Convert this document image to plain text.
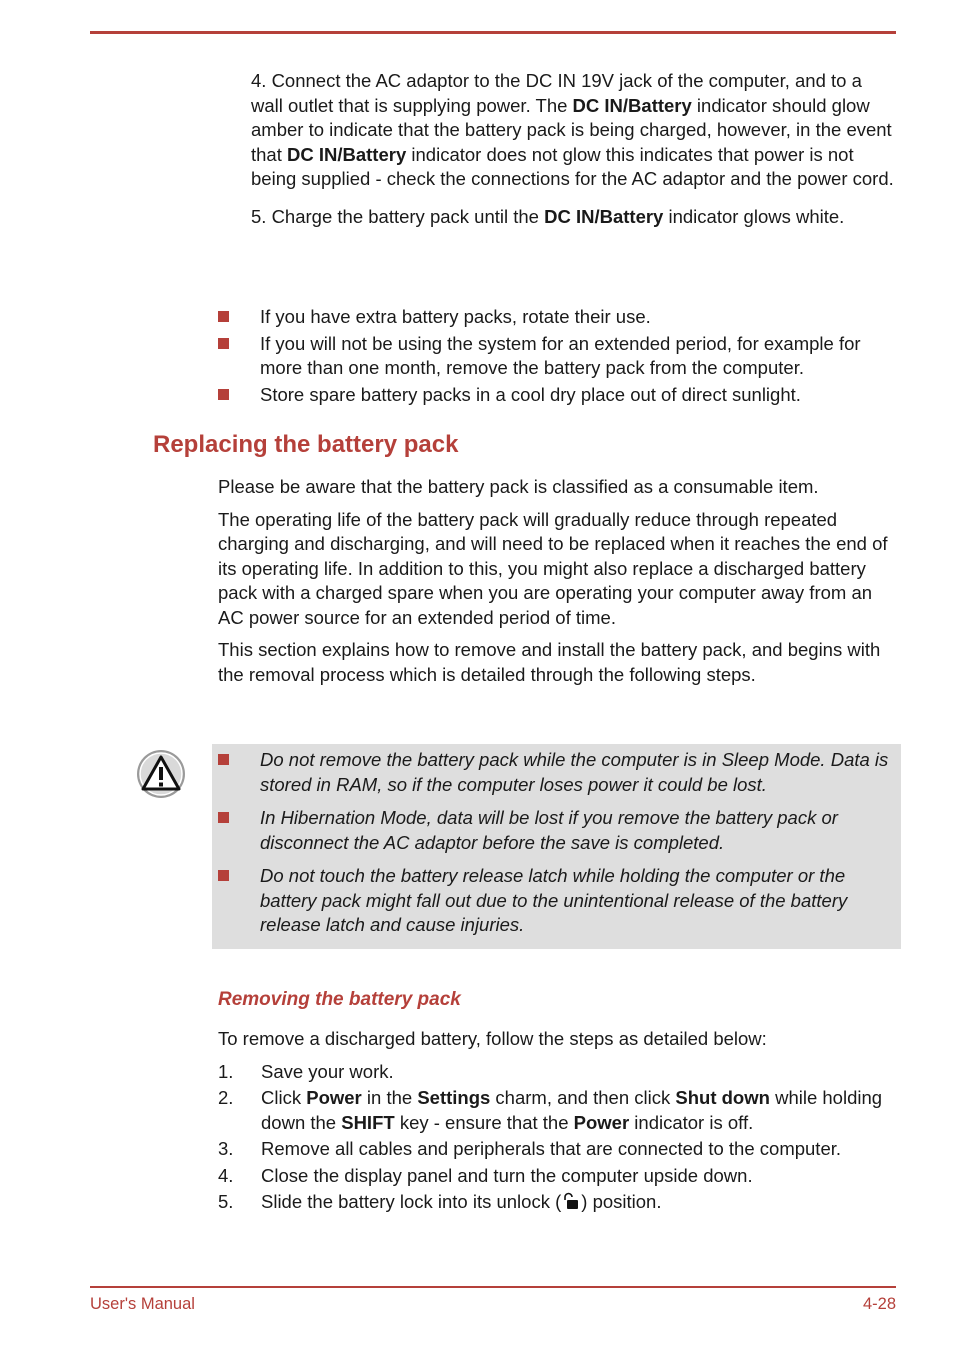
4. Connect the AC adaptor to the DC IN 19V jack of the computer, and to a wall outlet that is supplying power. The DC IN/Battery indicator should glow amber to indicate that the battery pack is being charged, however, in the event that DC IN/Battery indicator does not glow this indicates that power is not being supplied - check the connections for the AC adaptor and the power cord.

5. Charge the battery pack until the DC IN/Battery indicator glows white.

If you have extra battery packs, rotate their use.
If you will not be using the system for an extended period, for example for more than one month, remove the battery pack from the computer.
Store spare battery packs in a cool dry place out of direct sunlight.
Replacing the battery pack

Please be aware that the battery pack is classified as a consumable item.

The operating life of the battery pack will gradually reduce through repeated charging and discharging, and will need to be replaced when it reaches the end of its operating life. In addition to this, you might also replace a discharged battery pack with a charged spare when you are operating your computer away from an AC power source for an extended period of time.

This section explains how to remove and install the battery pack, and begins with the removal process which is detailed through the following steps.

Do not remove the battery pack while the computer is in Sleep Mode. Data is stored in RAM, so if the computer loses power it could be lost.
In Hibernation Mode, data will be lost if you remove the battery pack or disconnect the AC adaptor before the save is completed.
Do not touch the battery release latch while holding the computer or the battery pack might fall out due to the unintentional release of the battery release latch and cause injuries.
Removing the battery pack

To remove a discharged battery, follow the steps as detailed below:

1. Save your work.
2. Click Power in the Settings charm, and then click Shut down while holding down the SHIFT key - ensure that the Power indicator is off.
3. Remove all cables and peripherals that are connected to the computer.
4. Close the display panel and turn the computer upside down.
5. Slide the battery lock into its unlock ( ) position.
User's Manual	4-28
